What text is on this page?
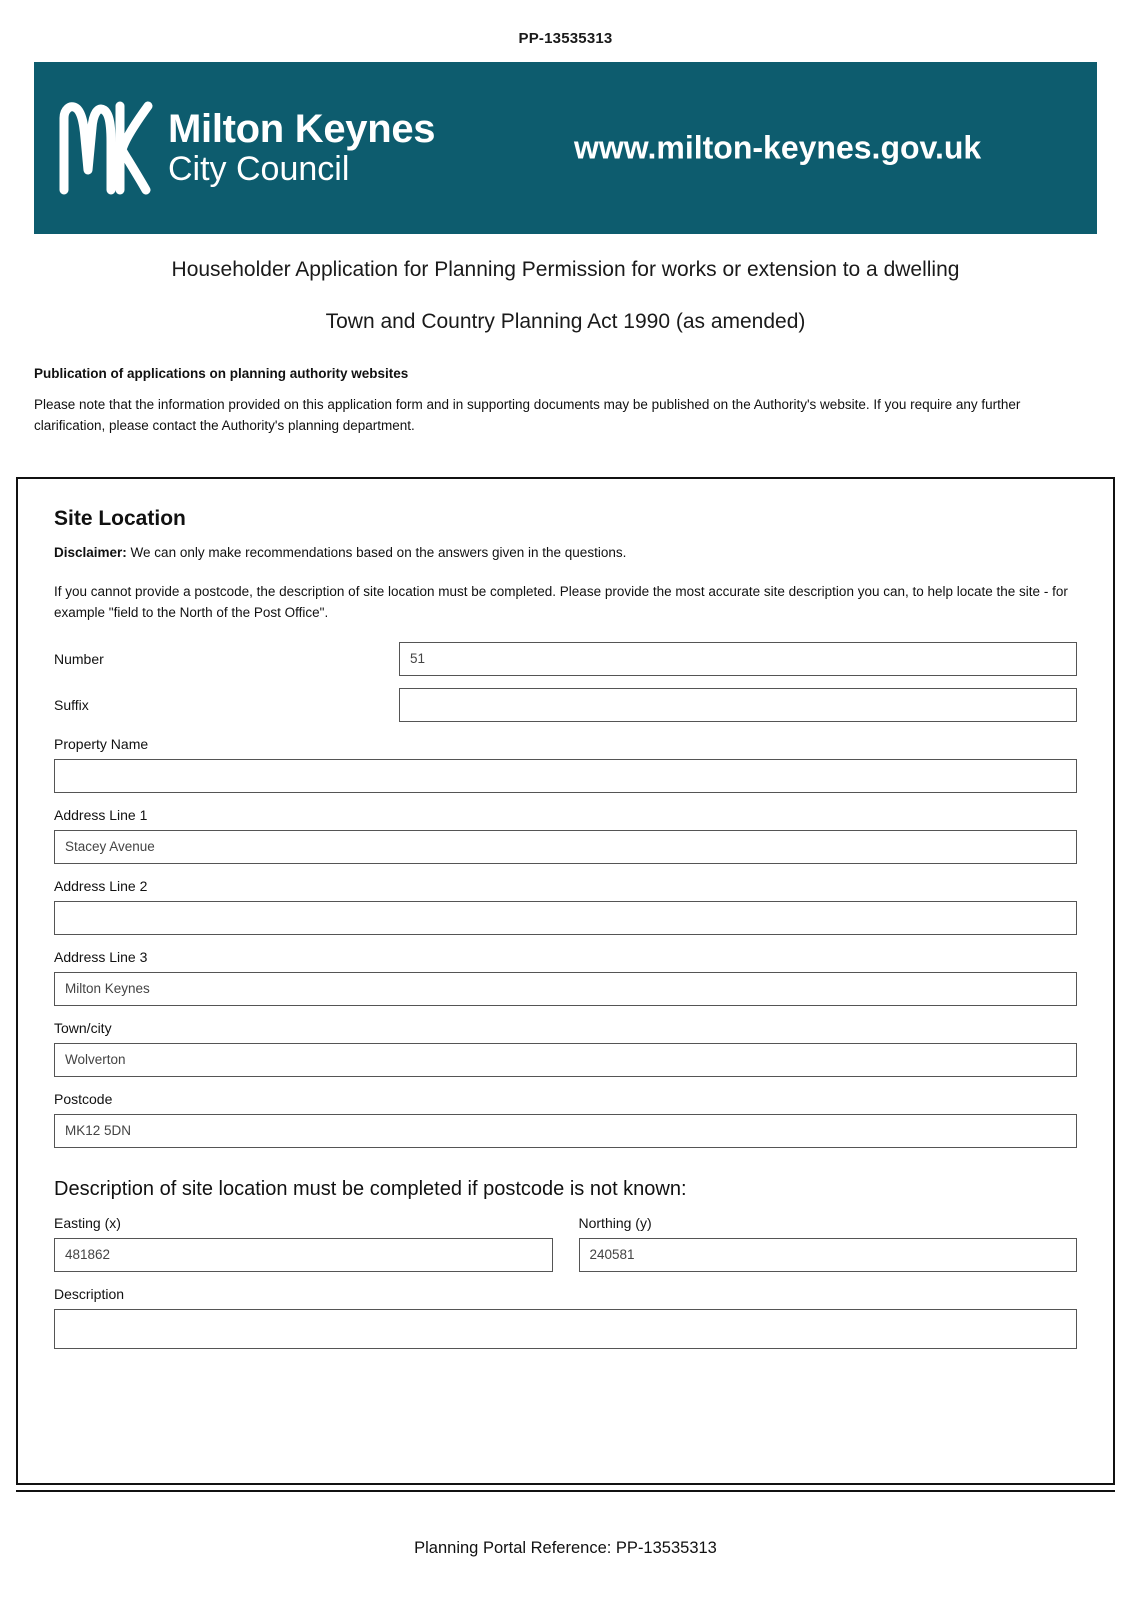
PP-13535313
Milton Keynes
City Council
www.milton-keynes.gov.uk
Householder Application for Planning Permission for works or extension to a dwelling
Town and Country Planning Act 1990 (as amended)
Publication of applications on planning authority websites
Please note that the information provided on this application form and in supporting documents may be published on the Authority's website. If you require any further clarification, please contact the Authority's planning department.
Site Location
Disclaimer: We can only make recommendations based on the answers given in the questions.
If you cannot provide a postcode, the description of site location must be completed. Please provide the most accurate site description you can, to help locate the site - for example "field to the North of the Post Office".
Number	51
Suffix
Property Name
Address Line 1
Stacey Avenue
Address Line 2
Address Line 3
Milton Keynes
Town/city
Wolverton
Postcode
MK12 5DN
Description of site location must be completed if postcode is not known:
Easting (x)
481862
Northing (y)
240581
Description
Planning Portal Reference: PP-13535313
